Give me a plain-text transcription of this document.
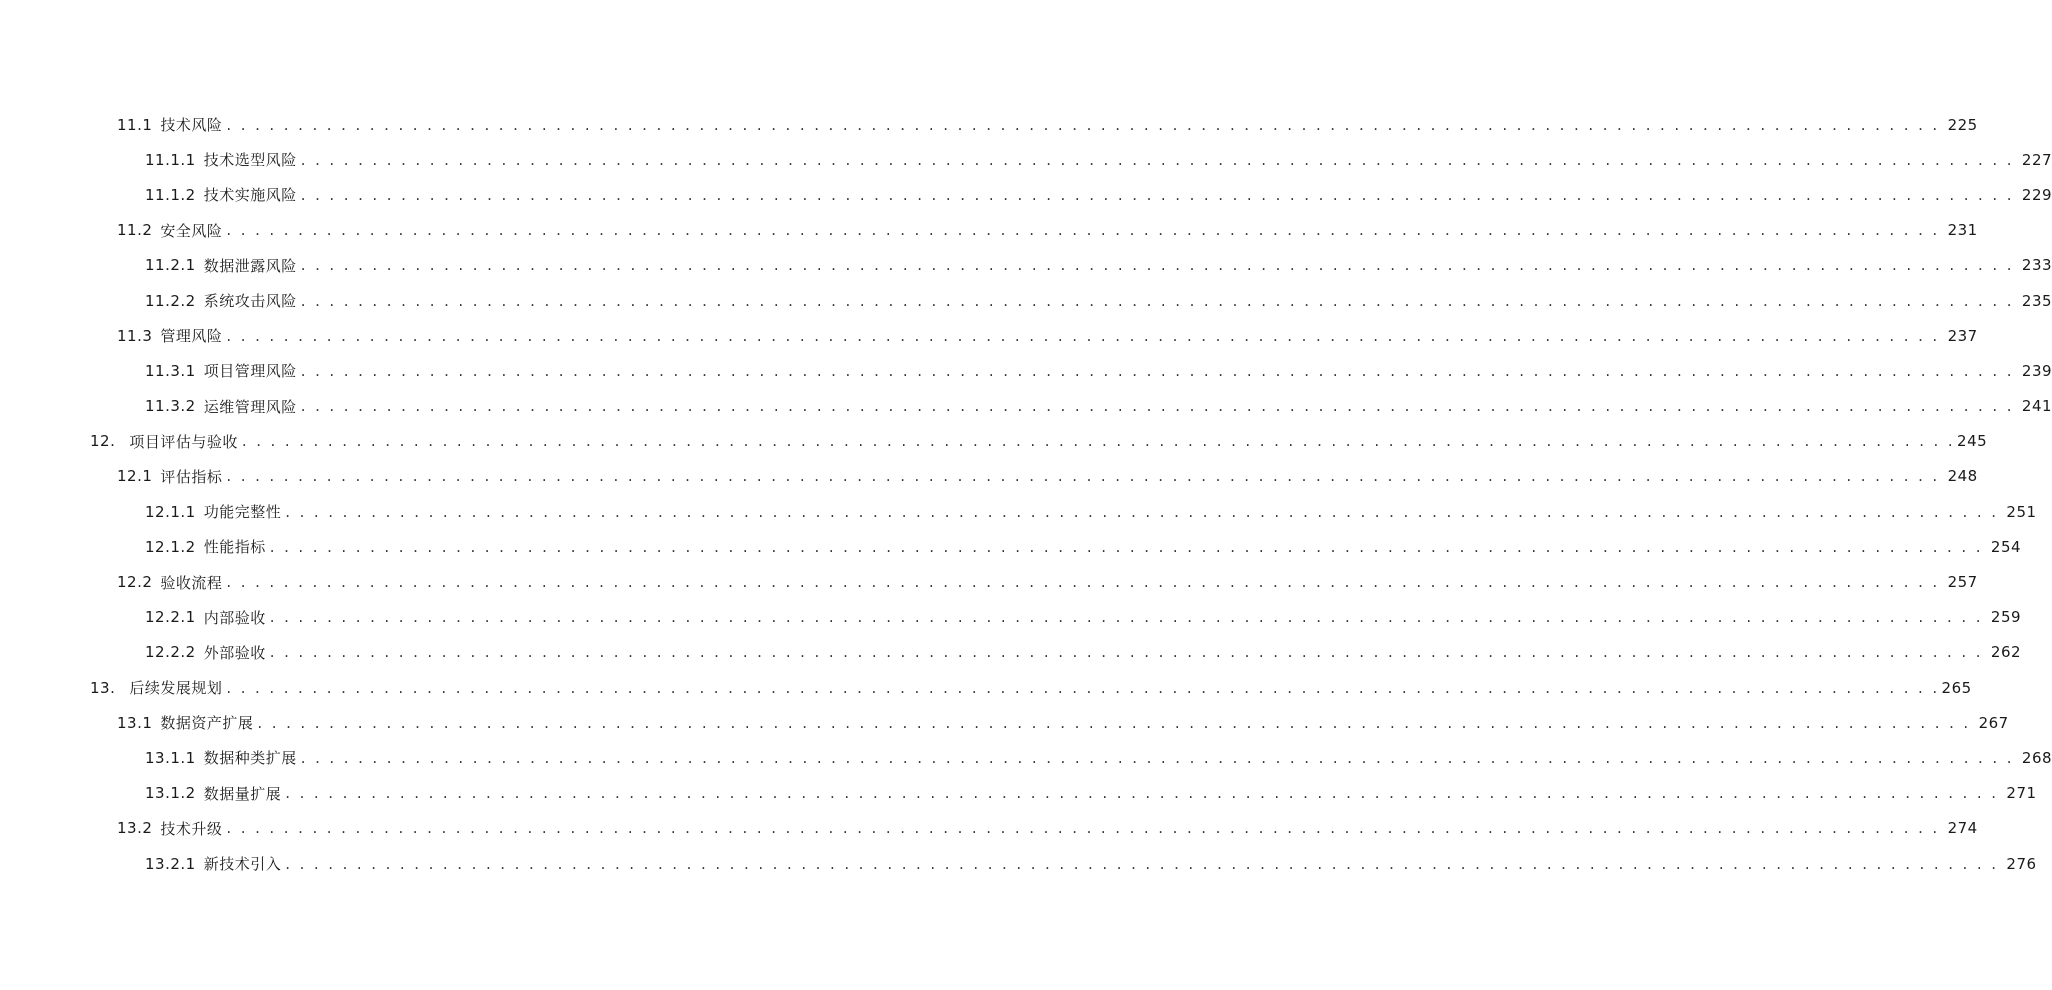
11.1 技术风险 . . . . . . . . . . . . . . . . . . . . . . . . . . . . . . . . . . . . . . . . . . . . . . . . . . . . . . . . . . . . . . . . . . . . . . . . . . . . . . . . . . . . . . . . . . . . . . . . . . . . . . . . . . . . . . . . . . . . . . . . 225
11.1.1 技术选型风险 . . . . . . . . . . . . . . . . . . . . . . . . . . . . . . . . . . . . . . . . . . . . . . . . . . . . . . . . . . . . . . . . . . . . . . . . . . . . . . . . . . . . . . . . . . . . . . . . . . . . . . . . . . . . . . . . . . . . . . . . 227
11.1.2 技术实施风险 . . . . . . . . . . . . . . . . . . . . . . . . . . . . . . . . . . . . . . . . . . . . . . . . . . . . . . . . . . . . . . . . . . . . . . . . . . . . . . . . . . . . . . . . . . . . . . . . . . . . . . . . . . . . . . . . . . . . . . . . 229
11.2 安全风险 . . . . . . . . . . . . . . . . . . . . . . . . . . . . . . . . . . . . . . . . . . . . . . . . . . . . . . . . . . . . . . . . . . . . . . . . . . . . . . . . . . . . . . . . . . . . . . . . . . . . . . . . . . . . . . . . . . . . . . . . 231
11.2.1 数据泄露风险 . . . . . . . . . . . . . . . . . . . . . . . . . . . . . . . . . . . . . . . . . . . . . . . . . . . . . . . . . . . . . . . . . . . . . . . . . . . . . . . . . . . . . . . . . . . . . . . . . . . . . . . . . . . . . . . . . . . . . . . . 233
11.2.2 系统攻击风险 . . . . . . . . . . . . . . . . . . . . . . . . . . . . . . . . . . . . . . . . . . . . . . . . . . . . . . . . . . . . . . . . . . . . . . . . . . . . . . . . . . . . . . . . . . . . . . . . . . . . . . . . . . . . . . . . . . . . . . . . 235
11.3 管理风险 . . . . . . . . . . . . . . . . . . . . . . . . . . . . . . . . . . . . . . . . . . . . . . . . . . . . . . . . . . . . . . . . . . . . . . . . . . . . . . . . . . . . . . . . . . . . . . . . . . . . . . . . . . . . . . . . . . . . . . . . 237
11.3.1 项目管理风险 . . . . . . . . . . . . . . . . . . . . . . . . . . . . . . . . . . . . . . . . . . . . . . . . . . . . . . . . . . . . . . . . . . . . . . . . . . . . . . . . . . . . . . . . . . . . . . . . . . . . . . . . . . . . . . . . . . . . . . . . 239
11.3.2 运维管理风险 . . . . . . . . . . . . . . . . . . . . . . . . . . . . . . . . . . . . . . . . . . . . . . . . . . . . . . . . . . . . . . . . . . . . . . . . . . . . . . . . . . . . . . . . . . . . . . . . . . . . . . . . . . . . . . . . . . . . . . . . 241
12. 项目评估与验收 . . . . . . . . . . . . . . . . . . . . . . . . . . . . . . . . . . . . . . . . . . . . . . . . . . . . . . . . . . . . . . . . . . . . . . . . . . . . . . . . . . . . . . . . . . . . . . . . . . . . . . . . . . . . . . . . . . . . . . . . 245
12.1 评估指标 . . . . . . . . . . . . . . . . . . . . . . . . . . . . . . . . . . . . . . . . . . . . . . . . . . . . . . . . . . . . . . . . . . . . . . . . . . . . . . . . . . . . . . . . . . . . . . . . . . . . . . . . . . . . . . . . . . . . . . . . 248
12.1.1 功能完整性 . . . . . . . . . . . . . . . . . . . . . . . . . . . . . . . . . . . . . . . . . . . . . . . . . . . . . . . . . . . . . . . . . . . . . . . . . . . . . . . . . . . . . . . . . . . . . . . . . . . . . . . . . . . . . . . . . . . . . . . . 251
12.1.2 性能指标 . . . . . . . . . . . . . . . . . . . . . . . . . . . . . . . . . . . . . . . . . . . . . . . . . . . . . . . . . . . . . . . . . . . . . . . . . . . . . . . . . . . . . . . . . . . . . . . . . . . . . . . . . . . . . . . . . . . . . . . . 254
12.2 验收流程 . . . . . . . . . . . . . . . . . . . . . . . . . . . . . . . . . . . . . . . . . . . . . . . . . . . . . . . . . . . . . . . . . . . . . . . . . . . . . . . . . . . . . . . . . . . . . . . . . . . . . . . . . . . . . . . . . . . . . . . . 257
12.2.1 内部验收 . . . . . . . . . . . . . . . . . . . . . . . . . . . . . . . . . . . . . . . . . . . . . . . . . . . . . . . . . . . . . . . . . . . . . . . . . . . . . . . . . . . . . . . . . . . . . . . . . . . . . . . . . . . . . . . . . . . . . . . . 259
12.2.2 外部验收 . . . . . . . . . . . . . . . . . . . . . . . . . . . . . . . . . . . . . . . . . . . . . . . . . . . . . . . . . . . . . . . . . . . . . . . . . . . . . . . . . . . . . . . . . . . . . . . . . . . . . . . . . . . . . . . . . . . . . . . . 262
13. 后续发展规划 . . . . . . . . . . . . . . . . . . . . . . . . . . . . . . . . . . . . . . . . . . . . . . . . . . . . . . . . . . . . . . . . . . . . . . . . . . . . . . . . . . . . . . . . . . . . . . . . . . . . . . . . . . . . . . . . . . . . . . . . 265
13.1 数据资产扩展 . . . . . . . . . . . . . . . . . . . . . . . . . . . . . . . . . . . . . . . . . . . . . . . . . . . . . . . . . . . . . . . . . . . . . . . . . . . . . . . . . . . . . . . . . . . . . . . . . . . . . . . . . . . . . . . . . . . . . . . . 267
13.1.1 数据种类扩展 . . . . . . . . . . . . . . . . . . . . . . . . . . . . . . . . . . . . . . . . . . . . . . . . . . . . . . . . . . . . . . . . . . . . . . . . . . . . . . . . . . . . . . . . . . . . . . . . . . . . . . . . . . . . . . . . . . . . . . . . 268
13.1.2 数据量扩展 . . . . . . . . . . . . . . . . . . . . . . . . . . . . . . . . . . . . . . . . . . . . . . . . . . . . . . . . . . . . . . . . . . . . . . . . . . . . . . . . . . . . . . . . . . . . . . . . . . . . . . . . . . . . . . . . . . . . . . . . 271
13.2 技术升级 . . . . . . . . . . . . . . . . . . . . . . . . . . . . . . . . . . . . . . . . . . . . . . . . . . . . . . . . . . . . . . . . . . . . . . . . . . . . . . . . . . . . . . . . . . . . . . . . . . . . . . . . . . . . . . . . . . . . . . . . 274
13.2.1 新技术引入 . . . . . . . . . . . . . . . . . . . . . . . . . . . . . . . . . . . . . . . . . . . . . . . . . . . . . . . . . . . . . . . . . . . . . . . . . . . . . . . . . . . . . . . . . . . . . . . . . . . . . . . . . . . . . . . . . . . . . . . . 276
